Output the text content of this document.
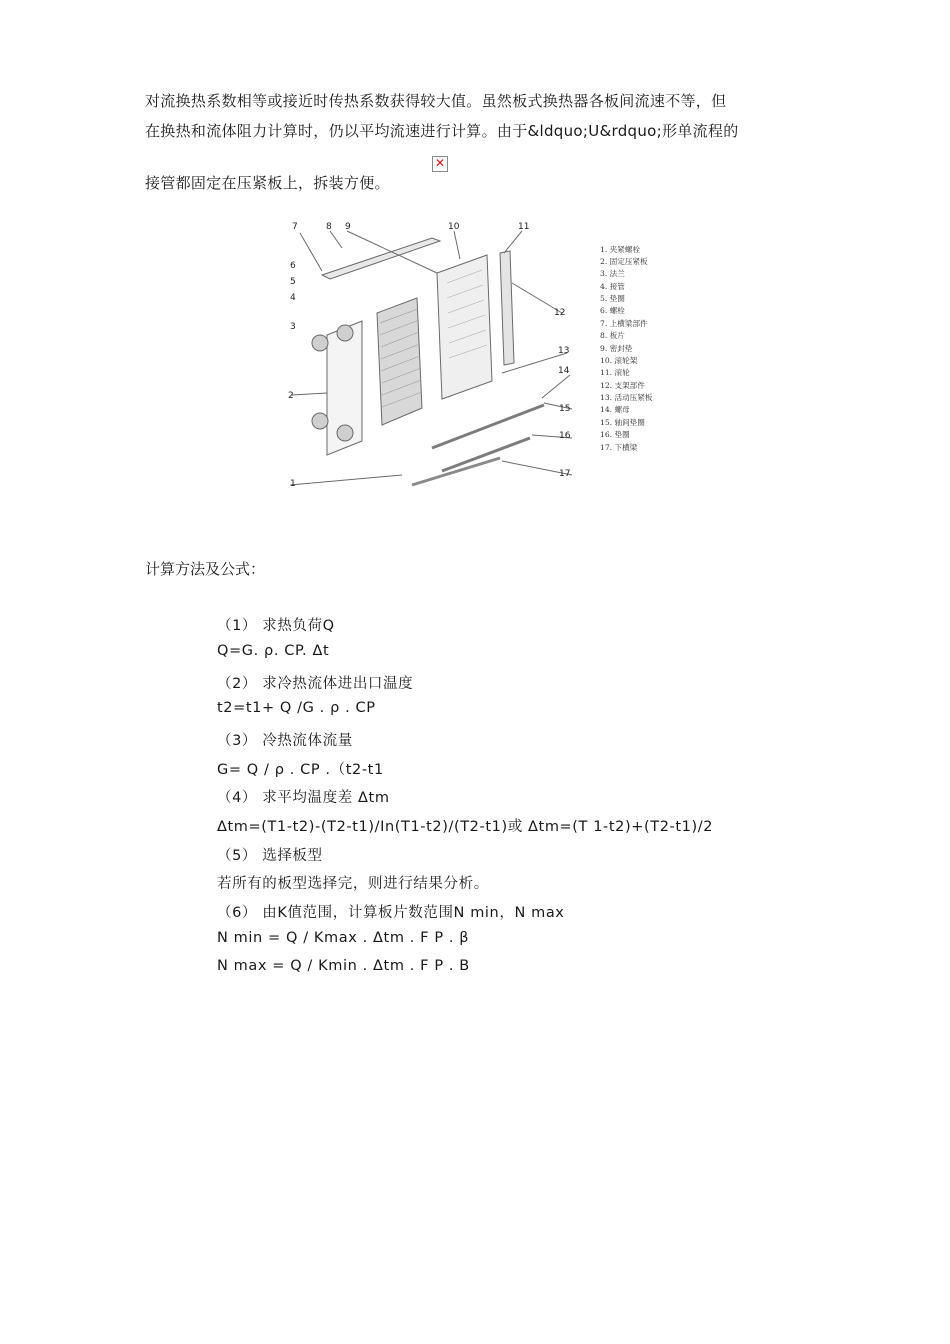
对流换热系数相等或接近时传热系数获得较大值。虽然板式换热器各板间流速不等，但
在换热和流体阻力计算时，仍以平均流速进行计算。由于&ldquo;U&rdquo;形单流程的
接管都固定在压紧板上，拆装方便。
✕
1
2
3
4
5
6
7	8 9	10	11
12
13
14
15
16
17
1. 夹紧螺栓
2. 固定压紧板
3. 法兰
4. 接管
5. 垫圈
6. 螺栓
7. 上横梁部件
8. 板片
9. 密封垫
10. 滚轮架
11. 滚轮
12. 支架部件
13. 活动压紧板
14. 螺母
15. 轴间垫圈
16. 垫圈
17. 下横梁
计算方法及公式：
（1） 求热负荷Q
Q=G. ρ. CP. Δt
（2） 求冷热流体进出口温度
t2=t1+ Q /G . ρ . CP
（3） 冷热流体流量
G= Q / ρ . CP .（t2-t1
（4） 求平均温度差 Δtm
Δtm=(T1-t2)-(T2-t1)/In(T1-t2)/(T2-t1)或 Δtm=(T 1-t2)+(T2-t1)/2
（5） 选择板型
若所有的板型选择完，则进行结果分析。
（6） 由K值范围，计算板片数范围N min，N max
N min = Q / Kmax . Δtm . F P . β
N max = Q / Kmin . Δtm . F P . B
